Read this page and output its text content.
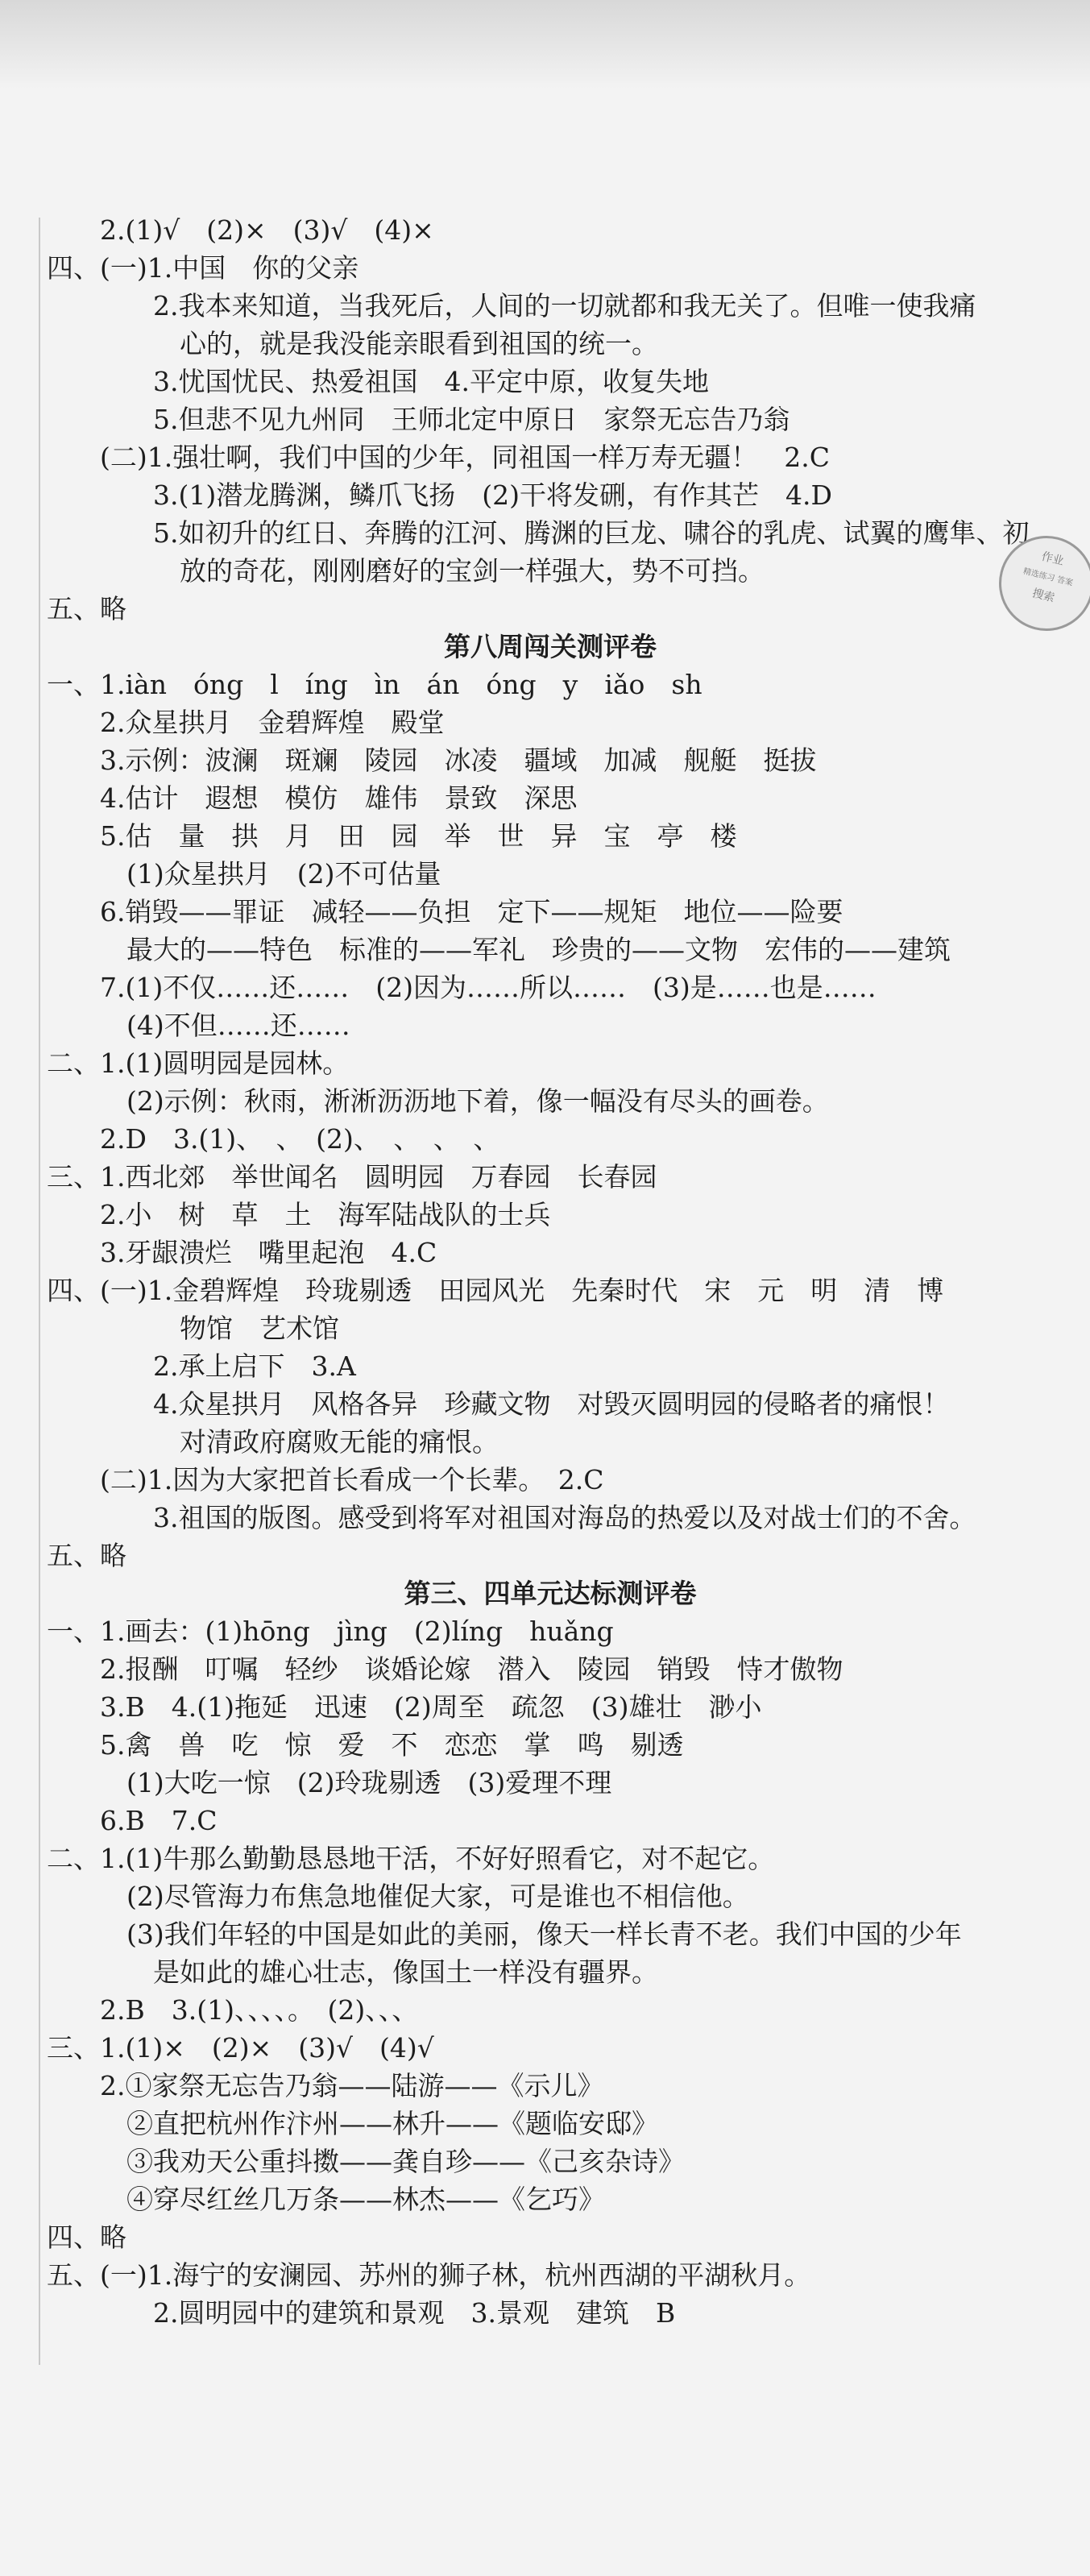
　　2.(1)√　(2)×　(3)√　(4)×
四、(一)1.中国　你的父亲
　　　　2.我本来知道，当我死后，人间的一切就都和我无关了。但唯一使我痛
　　　　　心的，就是我没能亲眼看到祖国的统一。
　　　　3.忧国忧民、热爱祖国　4.平定中原，收复失地
　　　　5.但悲不见九州同　王师北定中原日　家祭无忘告乃翁
　　(二)1.强壮啊，我们中国的少年，同祖国一样万寿无疆！　2.C
　　　　3.(1)潜龙腾渊，鳞爪飞扬　(2)干将发硎，有作其芒　4.D
　　　　5.如初升的红日、奔腾的江河、腾渊的巨龙、啸谷的乳虎、试翼的鹰隼、初
　　　　　放的奇花，刚刚磨好的宝剑一样强大，势不可挡。
五、略
第八周闯关测评卷
一、1.iàn　óng　l　íng　ìn　án　óng　y　iǎo　sh
　　2.众星拱月　金碧辉煌　殿堂
　　3.示例：波澜　斑斓　陵园　冰凌　疆域　加减　舰艇　挺拔
　　4.估计　遐想　模仿　雄伟　景致　深思
　　5.估　量　拱　月　田　园　举　世　异　宝　亭　楼
　　　(1)众星拱月　(2)不可估量
　　6.销毁——罪证　减轻——负担　定下——规矩　地位——险要
　　　最大的——特色　标准的——军礼　珍贵的——文物　宏伟的——建筑
　　7.(1)不仅……还……　(2)因为……所以……　(3)是……也是……
　　　(4)不但……还……
二、1.(1)圆明园是园林。
　　　(2)示例：秋雨，淅淅沥沥地下着，像一幅没有尽头的画卷。
　　2.D　3.(1)、　、　(2)、　、　、　、
三、1.西北郊　举世闻名　圆明园　万春园　长春园
　　2.小　树　草　土　海军陆战队的士兵
　　3.牙龈溃烂　嘴里起泡　4.C
四、(一)1.金碧辉煌　玲珑剔透　田园风光　先秦时代　宋　元　明　清　博
　　　　　物馆　艺术馆
　　　　2.承上启下　3.A
　　　　4.众星拱月　风格各异　珍藏文物　对毁灭圆明园的侵略者的痛恨！
　　　　　对清政府腐败无能的痛恨。
　　(二)1.因为大家把首长看成一个长辈。　2.C
　　　　3.祖国的版图。感受到将军对祖国对海岛的热爱以及对战士们的不舍。
五、略
第三、四单元达标测评卷
一、1.画去：(1)hōng　jìng　(2)líng　huǎng
　　2.报酬　叮嘱　轻纱　谈婚论嫁　潜入　陵园　销毁　恃才傲物
　　3.B　4.(1)拖延　迅速　(2)周至　疏忽　(3)雄壮　渺小
　　5.禽　兽　吃　惊　爱　不　恋恋　掌　鸣　剔透
　　　(1)大吃一惊　(2)玲珑剔透　(3)爱理不理
　　6.B　7.C
二、1.(1)牛那么勤勤恳恳地干活，不好好照看它，对不起它。
　　　(2)尽管海力布焦急地催促大家，可是谁也不相信他。
　　　(3)我们年轻的中国是如此的美丽，像天一样长青不老。我们中国的少年
　　　　是如此的雄心壮志，像国土一样没有疆界。
　　2.B　3.(1)、、、、。　(2)、、、
三、1.(1)×　(2)×　(3)√　(4)√
　　2.①家祭无忘告乃翁——陆游——《示儿》
　　　②直把杭州作汴州——林升——《题临安邸》
　　　③我劝天公重抖擞——龚自珍——《己亥杂诗》
　　　④穿尽红丝几万条——林杰——《乞巧》
四、略
五、(一)1.海宁的安澜园、苏州的狮子林，杭州西湖的平湖秋月。
　　　　2.圆明园中的建筑和景观　3.景观　建筑　B
作业
精选练习 答案
搜索
